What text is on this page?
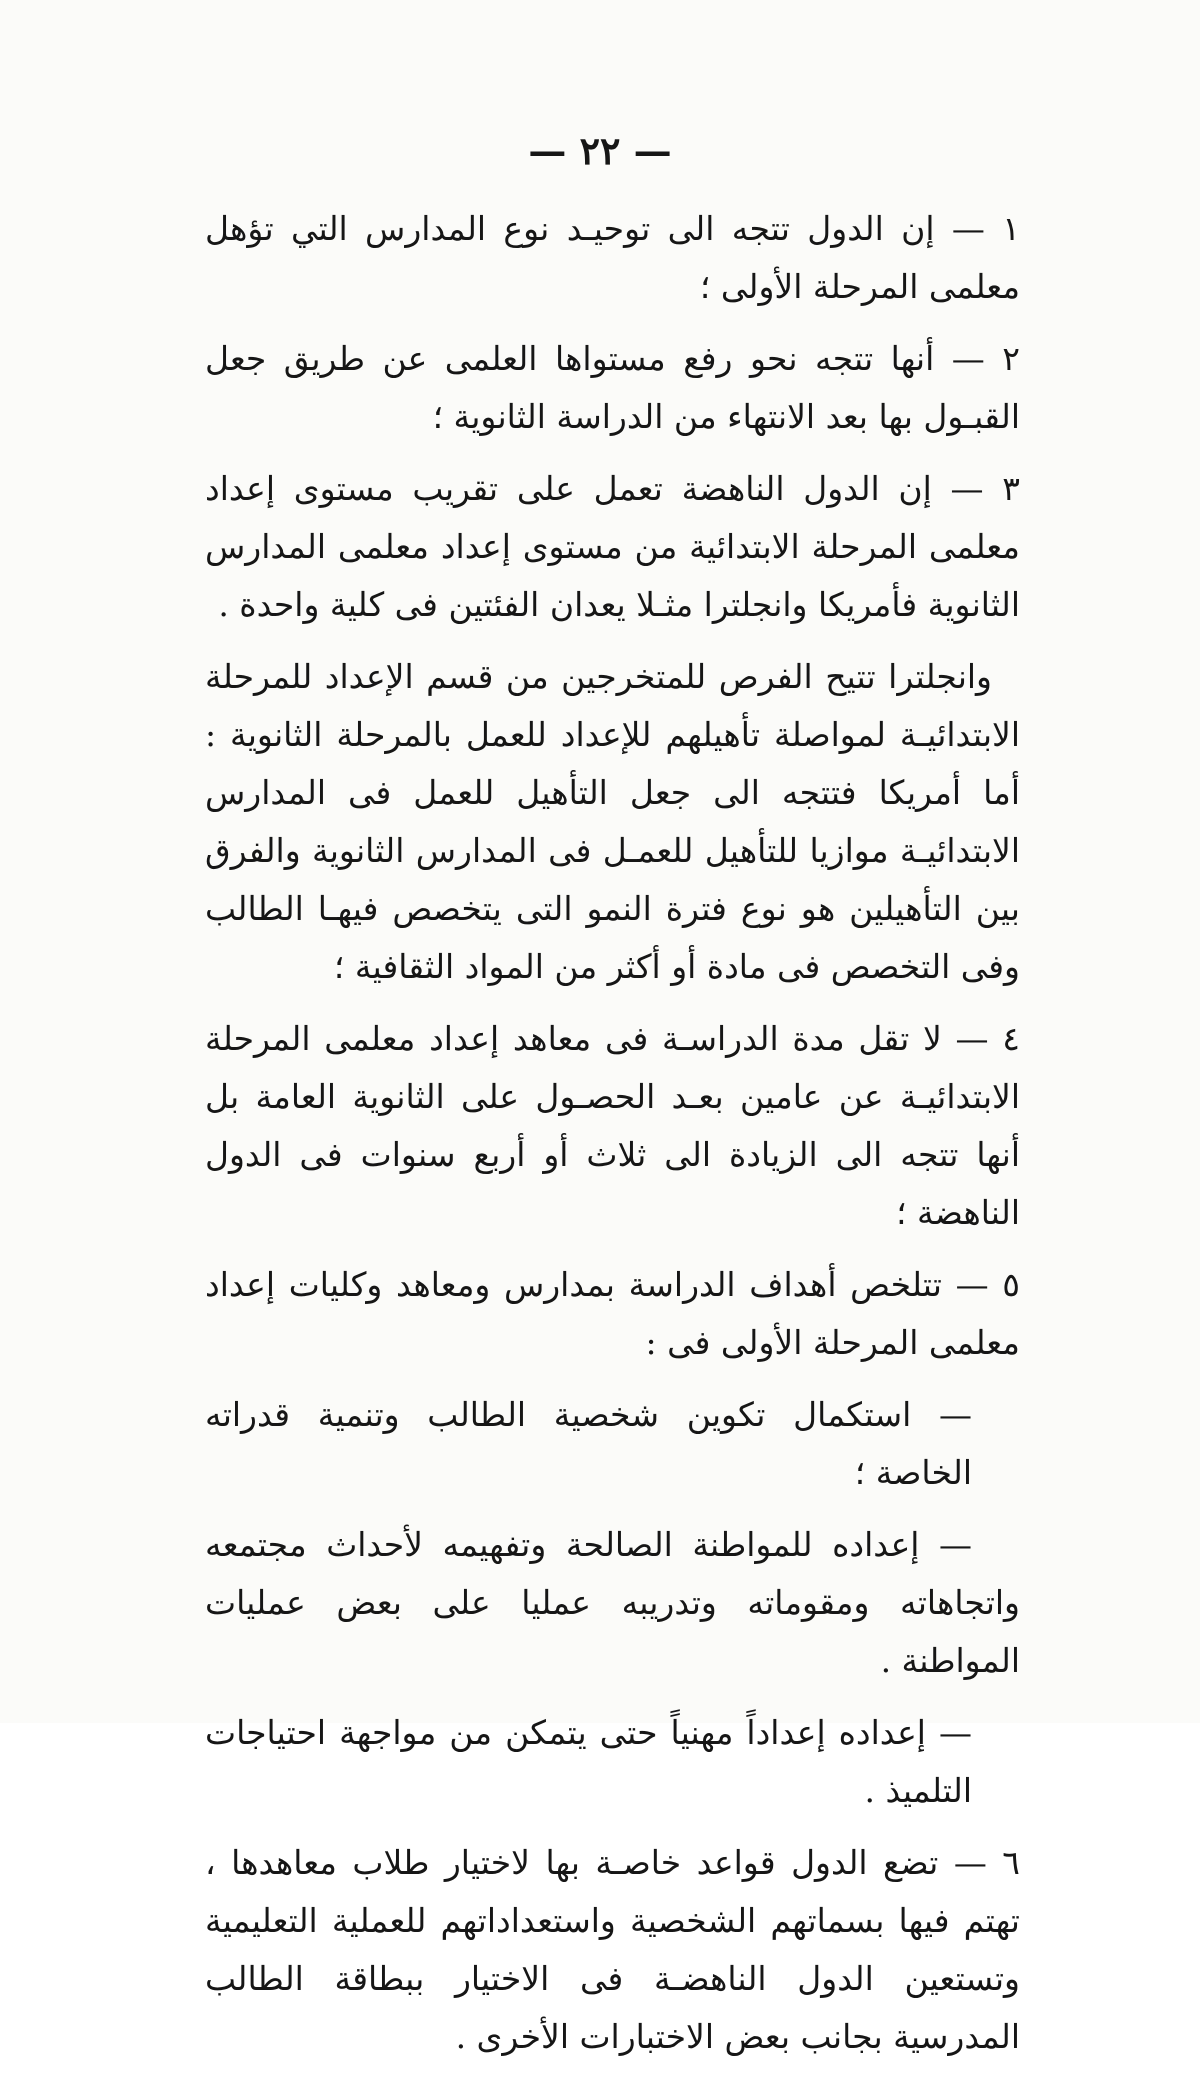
— ٢٢ —

١ — إن الدول تتجه الى توحيـد نوع المدارس التي تؤهل معلمى المرحلة الأولى ؛

٢ — أنها تتجه نحو رفع مستواها العلمى عن طريق جعل القبـول بها بعد الانتهاء من الدراسة الثانوية ؛

٣ — إن الدول الناهضة تعمل على تقريب مستوى إعداد معلمى المرحلة الابتدائية من مستوى إعداد معلمى المدارس الثانوية فأمريكا وانجلترا مثـلا يعدان الفئتين فى كلية واحدة .

وانجلترا تتيح الفرص للمتخرجين من قسم الإعداد للمرحلة الابتدائيـة لمواصلة تأهيلهم للإعداد للعمل بالمرحلة الثانوية : أما أمريكا فتتجه الى جعل التأهيل للعمل فى المدارس الابتدائيـة موازيا للتأهيل للعمـل فى المدارس الثانوية والفرق بين التأهيلين هو نوع فترة النمو التى يتخصص فيهـا الطالب وفى التخصص فى مادة أو أكثر من المواد الثقافية ؛

٤ — لا تقل مدة الدراسـة فى معاهد إعداد معلمى المرحلة الابتدائيـة عن عامين بعـد الحصـول على الثانوية العامة بل أنها تتجه الى الزيادة الى ثلاث أو أربع سنوات فى الدول الناهضة ؛

٥ — تتلخص أهداف الدراسة بمدارس ومعاهد وكليات إعداد معلمى المرحلة الأولى فى :

— استكمال تكوين شخصية الطالب وتنمية قدراته الخاصة ؛

— إعداده للمواطنة الصالحة وتفهيمه لأحداث مجتمعه واتجاهاته ومقوماته وتدريبه عمليا على بعض عمليات المواطنة .

— إعداده إعداداً مهنياً حتى يتمكن من مواجهة احتياجات التلميذ .

٦ — تضع الدول قواعد خاصـة بها لاختيار طلاب معاهدها ، تهتم فيها بسماتهم الشخصية واستعداداتهم للعملية التعليمية وتستعين الدول الناهضـة فى الاختيار ببطاقة الطالب المدرسية بجانب بعض الاختبارات الأخرى .
